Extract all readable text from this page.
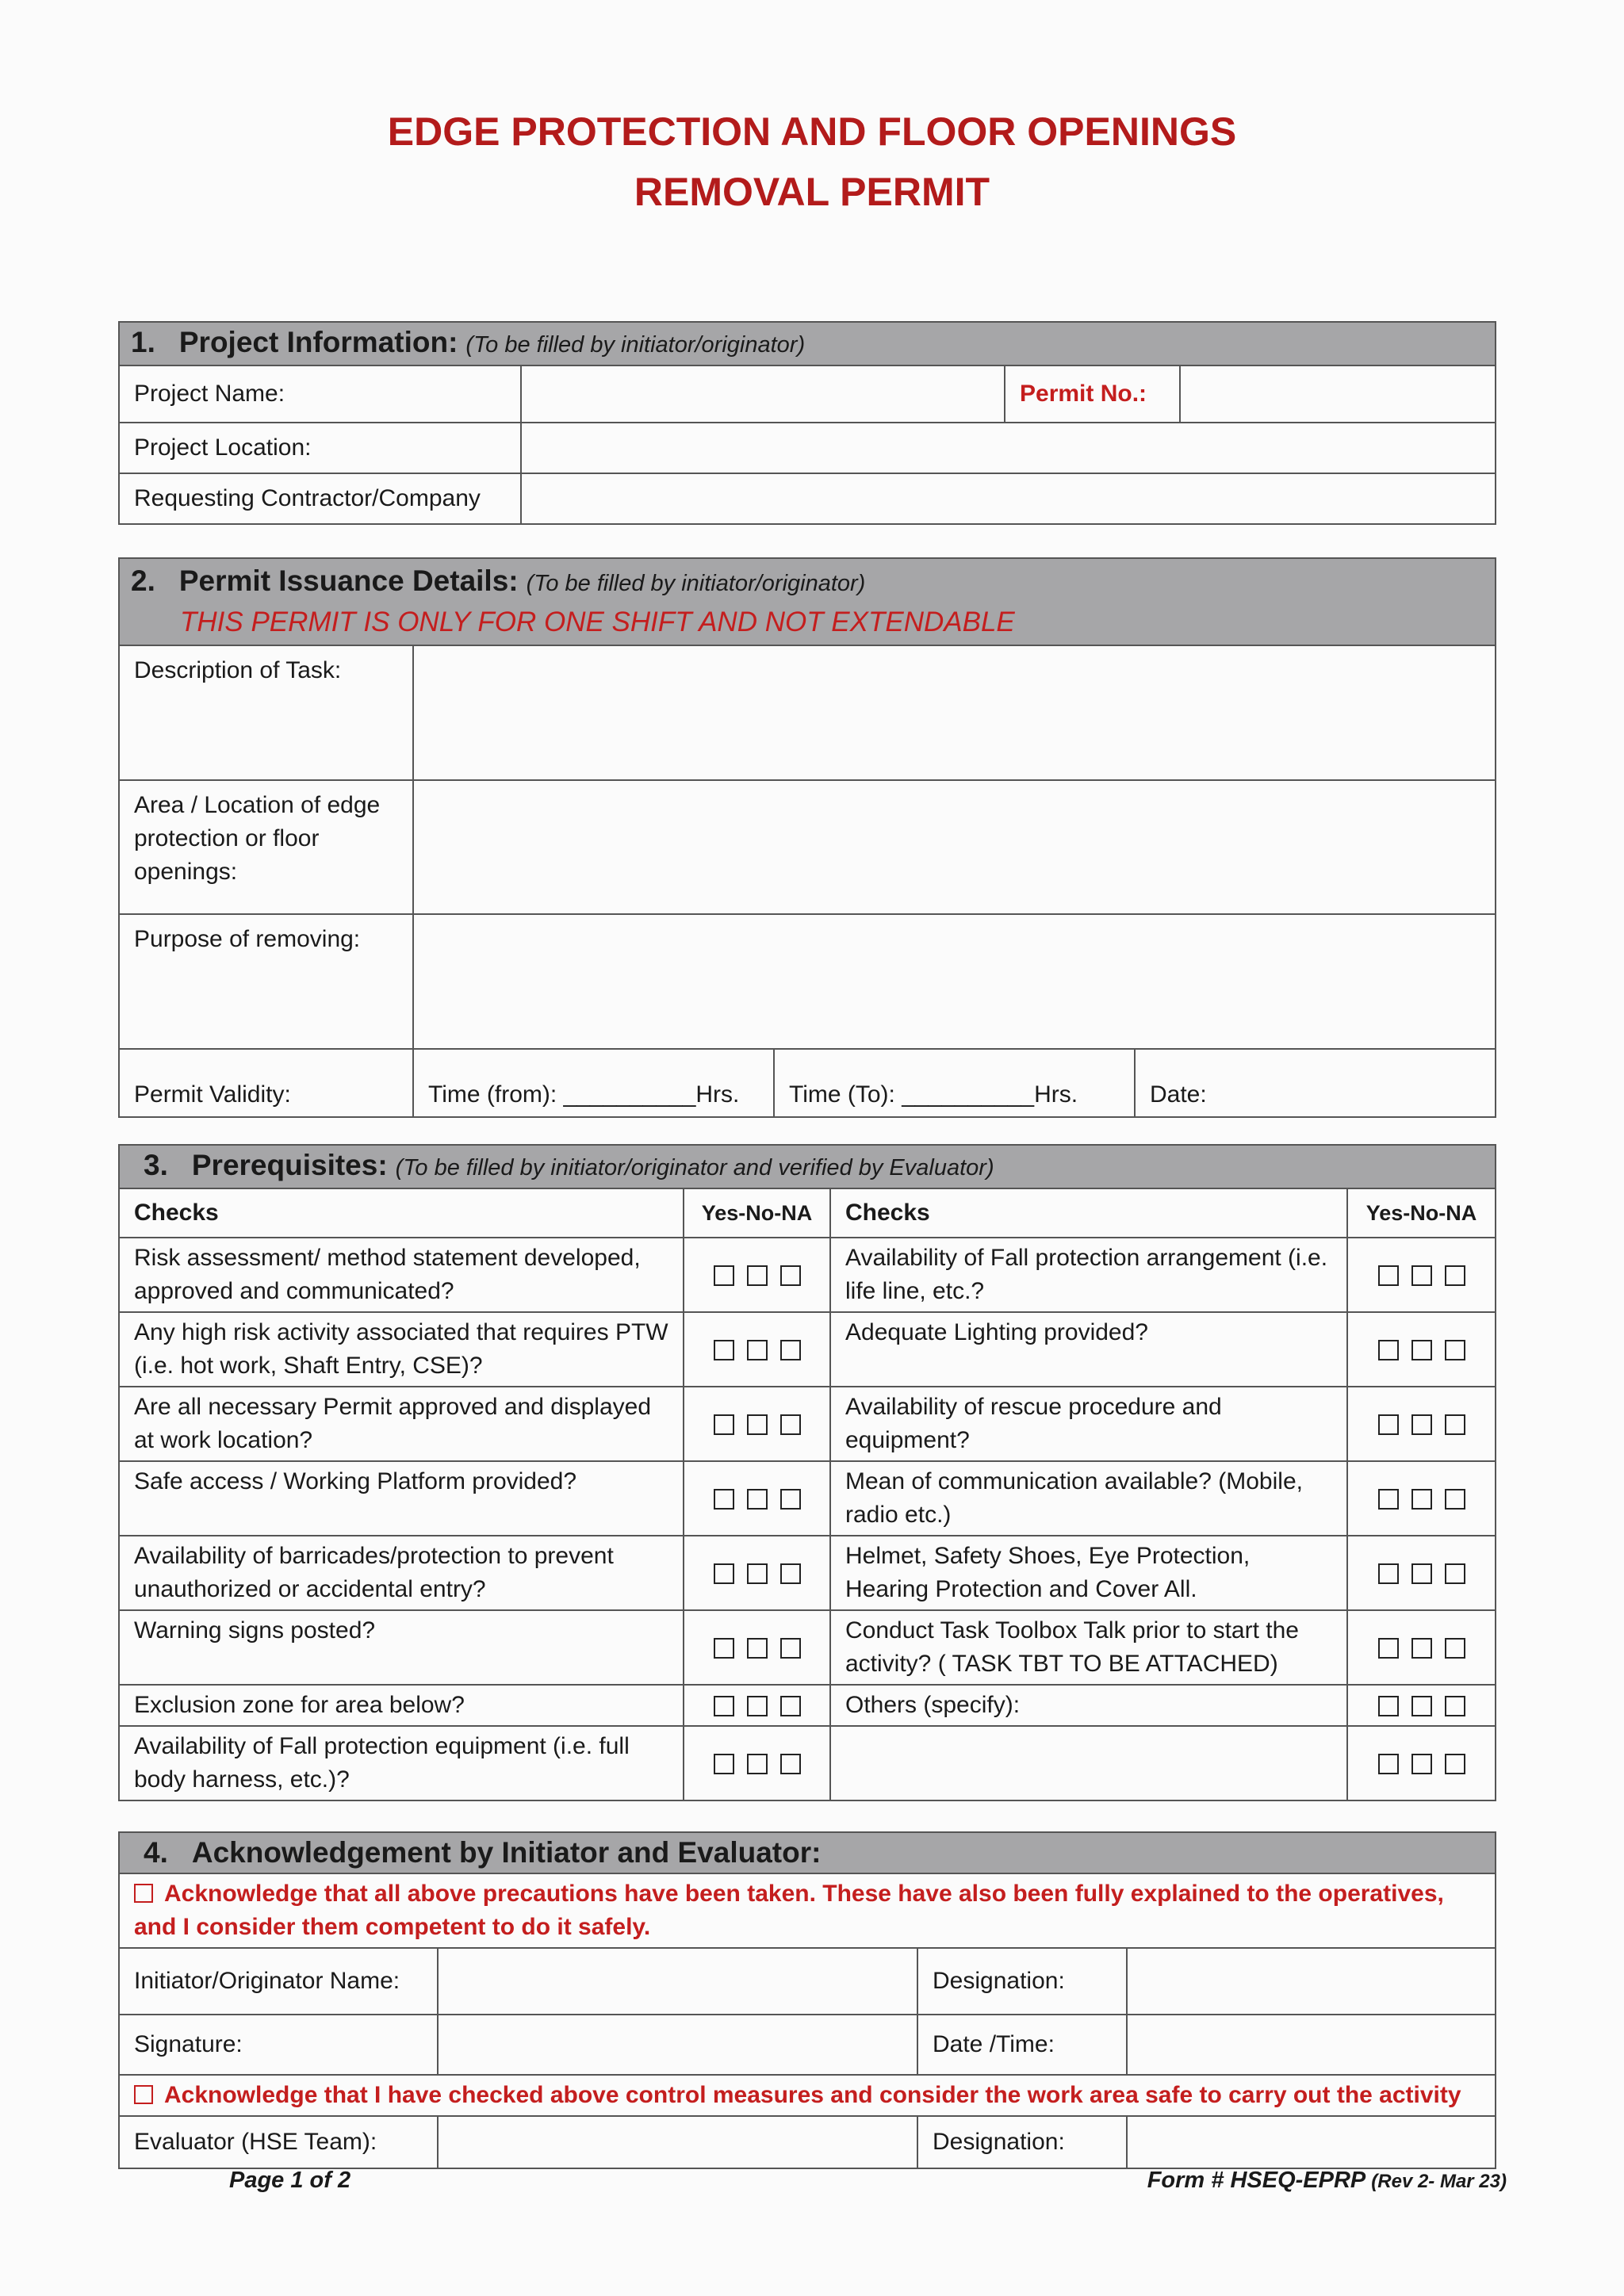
EDGE PROTECTION AND FLOOR OPENINGS
REMOVAL PERMIT
1. Project Information: (To be filled by initiator/originator)			
Project Name:		Permit No.:	
Project Location:			
Requesting Contractor/Company			
2. Permit Issuance Details: (To be filled by initiator/originator)
THIS PERMIT IS ONLY FOR ONE SHIFT AND NOT EXTENDABLE			
Description of Task:			
Area / Location of edge protection or floor openings:			
Purpose of removing:			
Permit Validity:	Time (from): __________Hrs.	Time (To): __________Hrs.	Date:
3. Prerequisites: (To be filled by initiator/originator and verified by Evaluator)			
Checks	Yes-No-NA	Checks	Yes-No-NA
Risk assessment/ method statement developed, approved and communicated?		Availability of Fall protection arrangement (i.e. life line, etc.?	
Any high risk activity associated that requires PTW (i.e. hot work, Shaft Entry, CSE)?		Adequate Lighting provided?	
Are all necessary Permit approved and displayed at work location?		Availability of rescue procedure and equipment?	
Safe access / Working Platform provided?		Mean of communication available? (Mobile, radio etc.)	
Availability of barricades/protection to prevent unauthorized or accidental entry?		Helmet, Safety Shoes, Eye Protection, Hearing Protection and Cover All.	
Warning signs posted?		Conduct Task Toolbox Talk prior to start the activity? ( TASK TBT TO BE ATTACHED)	
Exclusion zone for area below?		Others (specify):	
Availability of Fall protection equipment (i.e. full body harness, etc.)?			
4. Acknowledgement by Initiator and Evaluator:			
Acknowledge that all above precautions have been taken. These have also been fully explained to the operatives, and I consider them competent to do it safely.			
Initiator/Originator Name:		Designation:	
Signature:		Date /Time:	
Acknowledge that I have checked above control measures and consider the work area safe to carry out the activity			
Evaluator (HSE Team):		Designation:	
Page 1 of 2	Form # HSEQ-EPRP (Rev 2- Mar 23)
